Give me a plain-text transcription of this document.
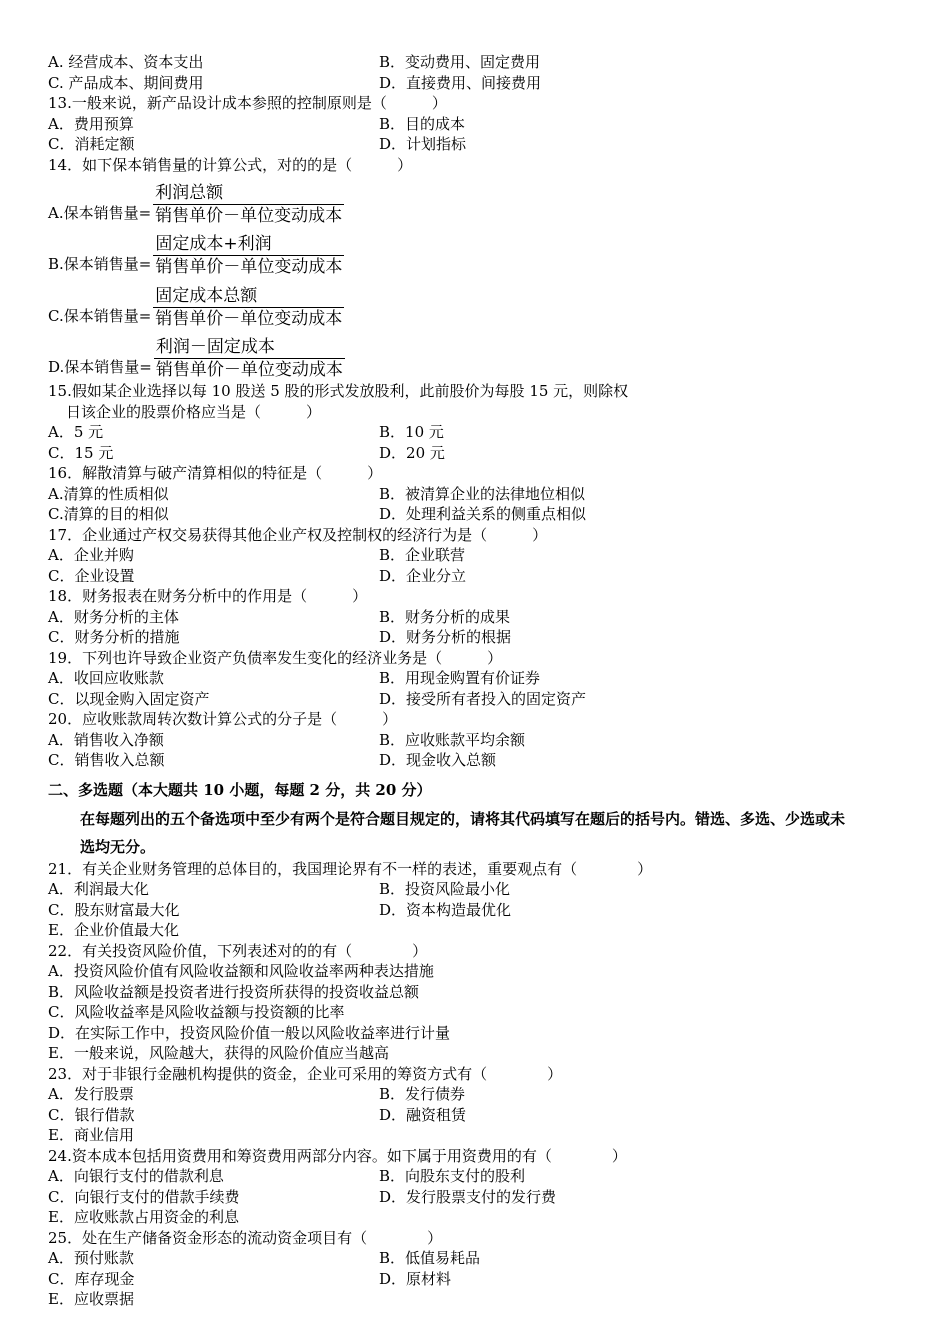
A. 经营成本、资本支出	B．变动费用、固定费用
C. 产品成本、期间费用	D．直接费用、间接费用
13.一般来说，新产品设计成本参照的控制原则是（　　　）
A．费用预算	B．目的成本
C．消耗定额	D．计划指标
14．如下保本销售量的计算公式，对的的是（　　　）
A.保本销售量= $\frac{\text{利润总额}}{\text{销售单价－单位变动成本}}$
B.保本销售量= $\frac{\text{固定成本+利润}}{\text{销售单价－单位变动成本}}$
C.保本销售量= $\frac{\text{固定成本总额}}{\text{销售单价－单位变动成本}}$
D.保本销售量= $\frac{\text{利润－固定成本}}{\text{销售单价－单位变动成本}}$
15.假如某企业选择以每 10 股送 5 股的形式发放股利，此前股价为每股 15 元，则除权
日该企业的股票价格应当是（　　　）
A．5 元	B．10 元
C．15 元	D．20 元
16．解散清算与破产清算相似的特征是（　　　）
A.清算的性质相似	B．被清算企业的法律地位相似
C.清算的目的相似	D．处理利益关系的侧重点相似
17．企业通过产权交易获得其他企业产权及控制权的经济行为是（　　　）
A．企业并购	B．企业联营
C．企业设置	D．企业分立
18．财务报表在财务分析中的作用是（　　　）
A．财务分析的主体	B．财务分析的成果
C．财务分析的措施	D．财务分析的根据
19．下列也许导致企业资产负债率发生变化的经济业务是（　　　）
A．收回应收账款	B．用现金购置有价证券
C．以现金购入固定资产	D．接受所有者投入的固定资产
20．应收账款周转次数计算公式的分子是（　　　）
A．销售收入净额	B．应收账款平均余额
C．销售收入总额	D．现金收入总额
二、多选题（本大题共 10 小题，每题 2 分，共 20 分）
在每题列出的五个备选项中至少有两个是符合题目规定的，请将其代码填写在题后的括号内。错选、多选、少选或未
选均无分。
21．有关企业财务管理的总体目的，我国理论界有不一样的表述，重要观点有（　　　　）
A．利润最大化	B．投资风险最小化
C．股东财富最大化	D．资本构造最优化
E．企业价值最大化
22．有关投资风险价值，下列表述对的的有（　　　　）
A．投资风险价值有风险收益额和风险收益率两种表达措施
B．风险收益额是投资者进行投资所获得的投资收益总额
C．风险收益率是风险收益额与投资额的比率
D．在实际工作中，投资风险价值一般以风险收益率进行计量
E．一般来说，风险越大，获得的风险价值应当越高
23．对于非银行金融机构提供的资金，企业可采用的筹资方式有（　　　　）
A．发行股票	B．发行债券
C．银行借款	D．融资租赁
E．商业信用
24.资本成本包括用资费用和筹资费用两部分内容。如下属于用资费用的有（　　　　）
A．向银行支付的借款利息	B．向股东支付的股利
C．向银行支付的借款手续费	D．发行股票支付的发行费
E．应收账款占用资金的利息
25．处在生产储备资金形态的流动资金项目有（　　　　）
A．预付账款	B．低值易耗品
C．库存现金	D．原材料
E．应收票据
